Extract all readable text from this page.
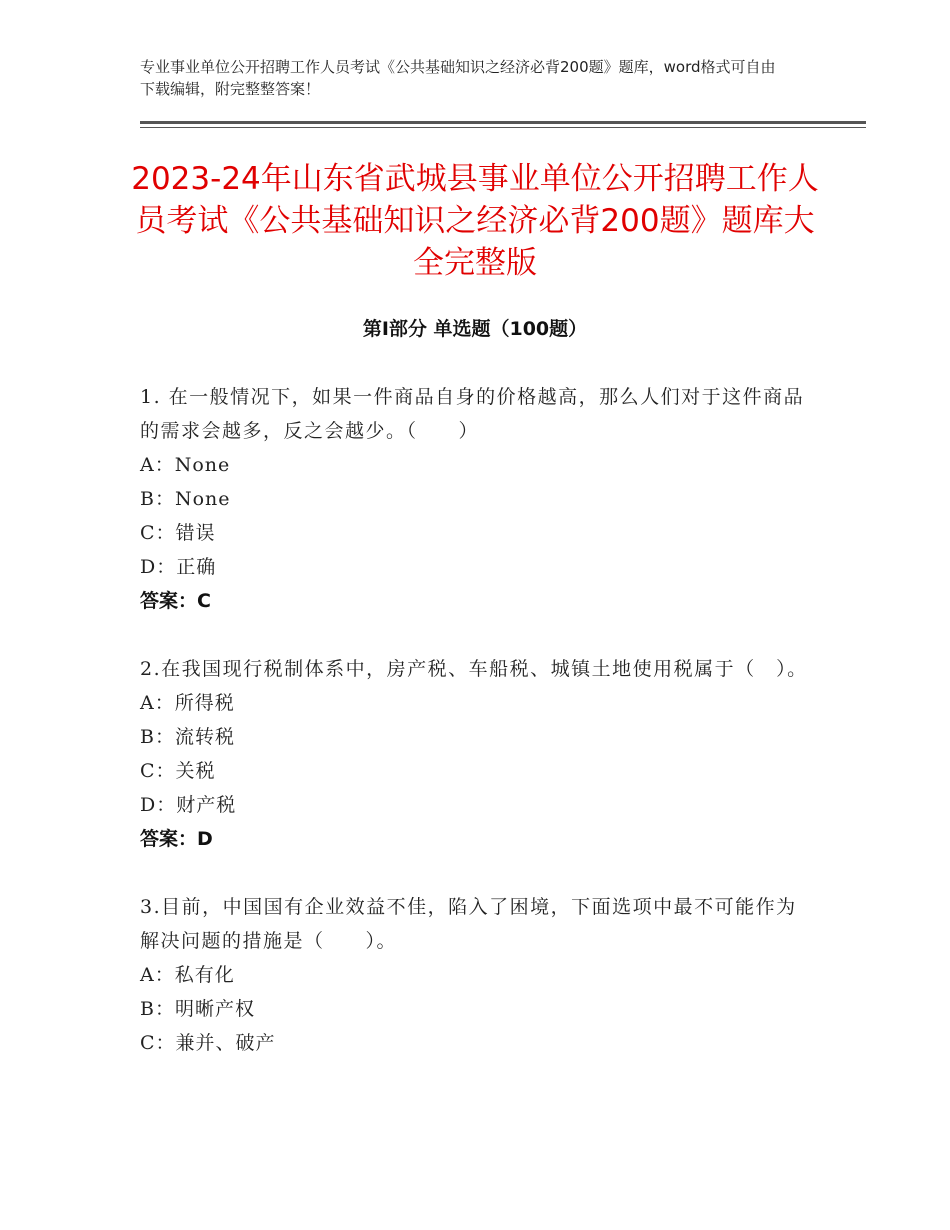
专业事业单位公开招聘工作人员考试《公共基础知识之经济必背200题》题库，word格式可自由下载编辑，附完整整答案！
2023-24年山东省武城县事业单位公开招聘工作人员考试《公共基础知识之经济必背200题》题库大全完整版
第I部分 单选题（100题）
1. 在一般情况下，如果一件商品自身的价格越高，那么人们对于这件商品的需求会越多，反之会越少。（　　）
A：None
B：None
C：错误
D：正确
答案：C
2.在我国现行税制体系中，房产税、车船税、城镇土地使用税属于（　）。
A：所得税
B：流转税
C：关税
D：财产税
答案：D
3.目前，中国国有企业效益不佳，陷入了困境，下面选项中最不可能作为解决问题的措施是（　　）。
A：私有化
B：明晰产权
C：兼并、破产
